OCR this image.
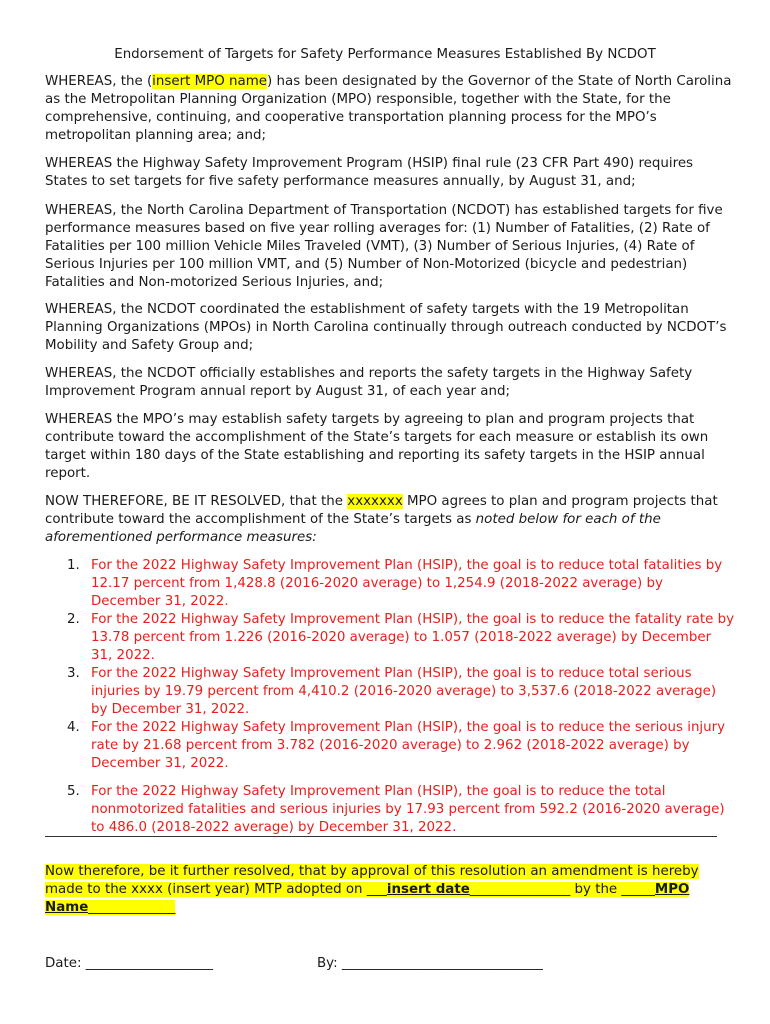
Endorsement of Targets for Safety Performance Measures Established By NCDOT

WHEREAS, the (insert MPO name) has been designated by the Governor of the State of North Carolina as the Metropolitan Planning Organization (MPO) responsible, together with the State, for the comprehensive, continuing, and cooperative transportation planning process for the MPO’s metropolitan planning area; and;

WHEREAS the Highway Safety Improvement Program (HSIP) final rule (23 CFR Part 490) requires States to set targets for five safety performance measures annually, by August 31, and;

WHEREAS, the North Carolina Department of Transportation (NCDOT) has established targets for five performance measures based on five year rolling averages for: (1) Number of Fatalities, (2) Rate of Fatalities per 100 million Vehicle Miles Traveled (VMT), (3) Number of Serious Injuries, (4) Rate of Serious Injuries per 100 million VMT, and (5) Number of Non-Motorized (bicycle and pedestrian) Fatalities and Non-motorized Serious Injuries, and;

WHEREAS, the NCDOT coordinated the establishment of safety targets with the 19 Metropolitan Planning Organizations (MPOs) in North Carolina continually through outreach conducted by NCDOT’s Mobility and Safety Group and;

WHEREAS, the NCDOT officially establishes and reports the safety targets in the Highway Safety Improvement Program annual report by August 31, of each year and;

WHEREAS the MPO’s may establish safety targets by agreeing to plan and program projects that contribute toward the accomplishment of the State’s targets for each measure or establish its own target within 180 days of the State establishing and reporting its safety targets in the HSIP annual report.

NOW THEREFORE, BE IT RESOLVED, that the xxxxxxx MPO agrees to plan and program projects that contribute toward the accomplishment of the State’s targets as noted below for each of the aforementioned performance measures:

1. For the 2022 Highway Safety Improvement Plan (HSIP), the goal is to reduce total fatalities by 12.17 percent from 1,428.8 (2016-2020 average) to 1,254.9 (2018-2022 average) by December 31, 2022.
2. For the 2022 Highway Safety Improvement Plan (HSIP), the goal is to reduce the fatality rate by 13.78 percent from 1.226 (2016-2020 average) to 1.057 (2018-2022 average) by December 31, 2022.
3. For the 2022 Highway Safety Improvement Plan (HSIP), the goal is to reduce total serious injuries by 19.79 percent from 4,410.2 (2016-2020 average) to 3,537.6 (2018-2022 average) by December 31, 2022.
4. For the 2022 Highway Safety Improvement Plan (HSIP), the goal is to reduce the serious injury rate by 21.68 percent from 3.782 (2016-2020 average) to 2.962 (2018-2022 average) by December 31, 2022.
5. For the 2022 Highway Safety Improvement Plan (HSIP), the goal is to reduce the total nonmotorized fatalities and serious injuries by 17.93 percent from 592.2 (2016-2020 average) to 486.0 (2018-2022 average) by December 31, 2022.
Now therefore, be it further resolved, that by approval of this resolution an amendment is hereby
made to the xxxx (insert year) MTP adopted on ___insert date_______________ by the _____MPO
Name_____________
Date: ___________________	By: ______________________________
